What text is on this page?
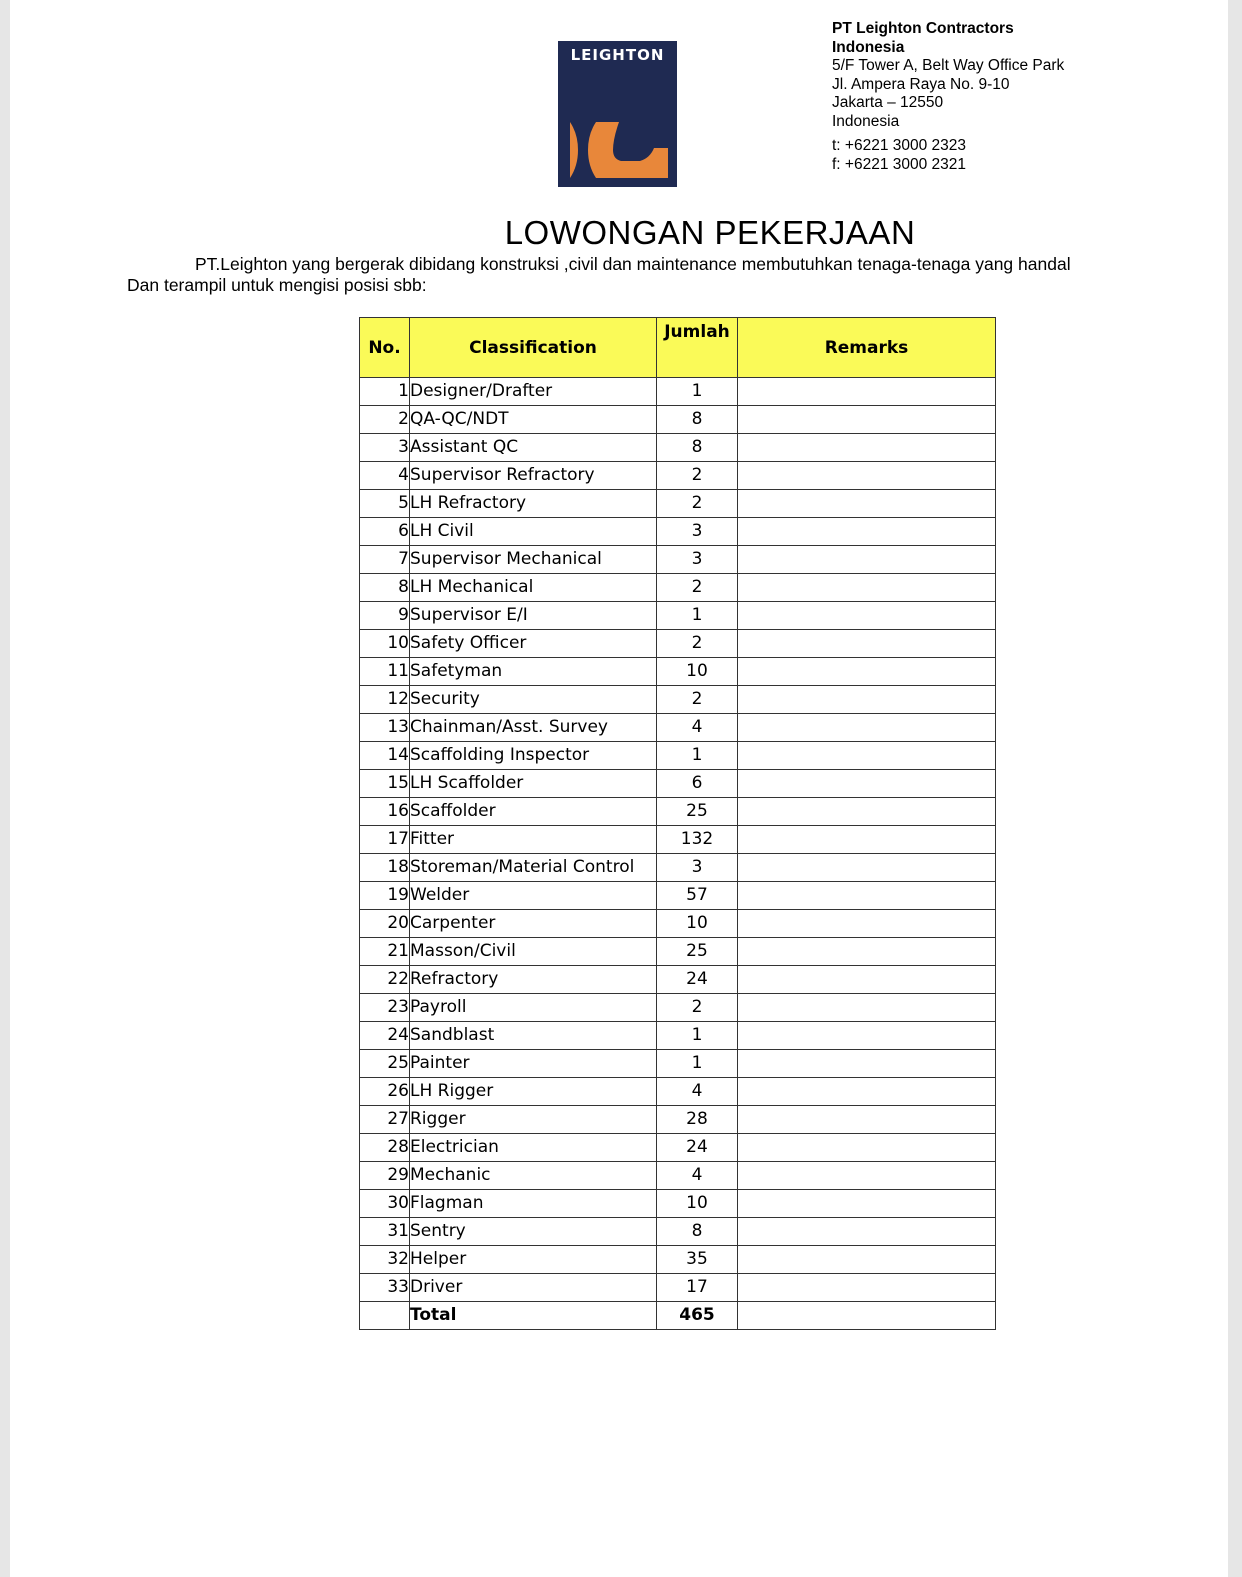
LEIGHTON
PT Leighton Contractors
Indonesia
5/F Tower A, Belt Way Office Park
Jl. Ampera Raya No. 9-10
Jakarta – 12550
Indonesia
t: +6221 3000 2323
f: +6221 3000 2321
LOWONGAN PEKERJAAN
PT.Leighton yang bergerak dibidang konstruksi ,civil dan maintenance membutuhkan tenaga-tenaga yang handal
Dan terampil untuk mengisi posisi sbb:
No.	Classification	Jumlah	Remarks
1	Designer/Drafter	1	
2	QA-QC/NDT	8	
3	Assistant QC	8	
4	Supervisor Refractory	2	
5	LH Refractory	2	
6	LH Civil	3	
7	Supervisor Mechanical	3	
8	LH Mechanical	2	
9	Supervisor E/I	1	
10	Safety Officer	2	
11	Safetyman	10	
12	Security	2	
13	Chainman/Asst. Survey	4	
14	Scaffolding Inspector	1	
15	LH Scaffolder	6	
16	Scaffolder	25	
17	Fitter	132	
18	Storeman/Material Control	3	
19	Welder	57	
20	Carpenter	10	
21	Masson/Civil	25	
22	Refractory	24	
23	Payroll	2	
24	Sandblast	1	
25	Painter	1	
26	LH Rigger	4	
27	Rigger	28	
28	Electrician	24	
29	Mechanic	4	
30	Flagman	10	
31	Sentry	8	
32	Helper	35	
33	Driver	17	
	Total	465	
